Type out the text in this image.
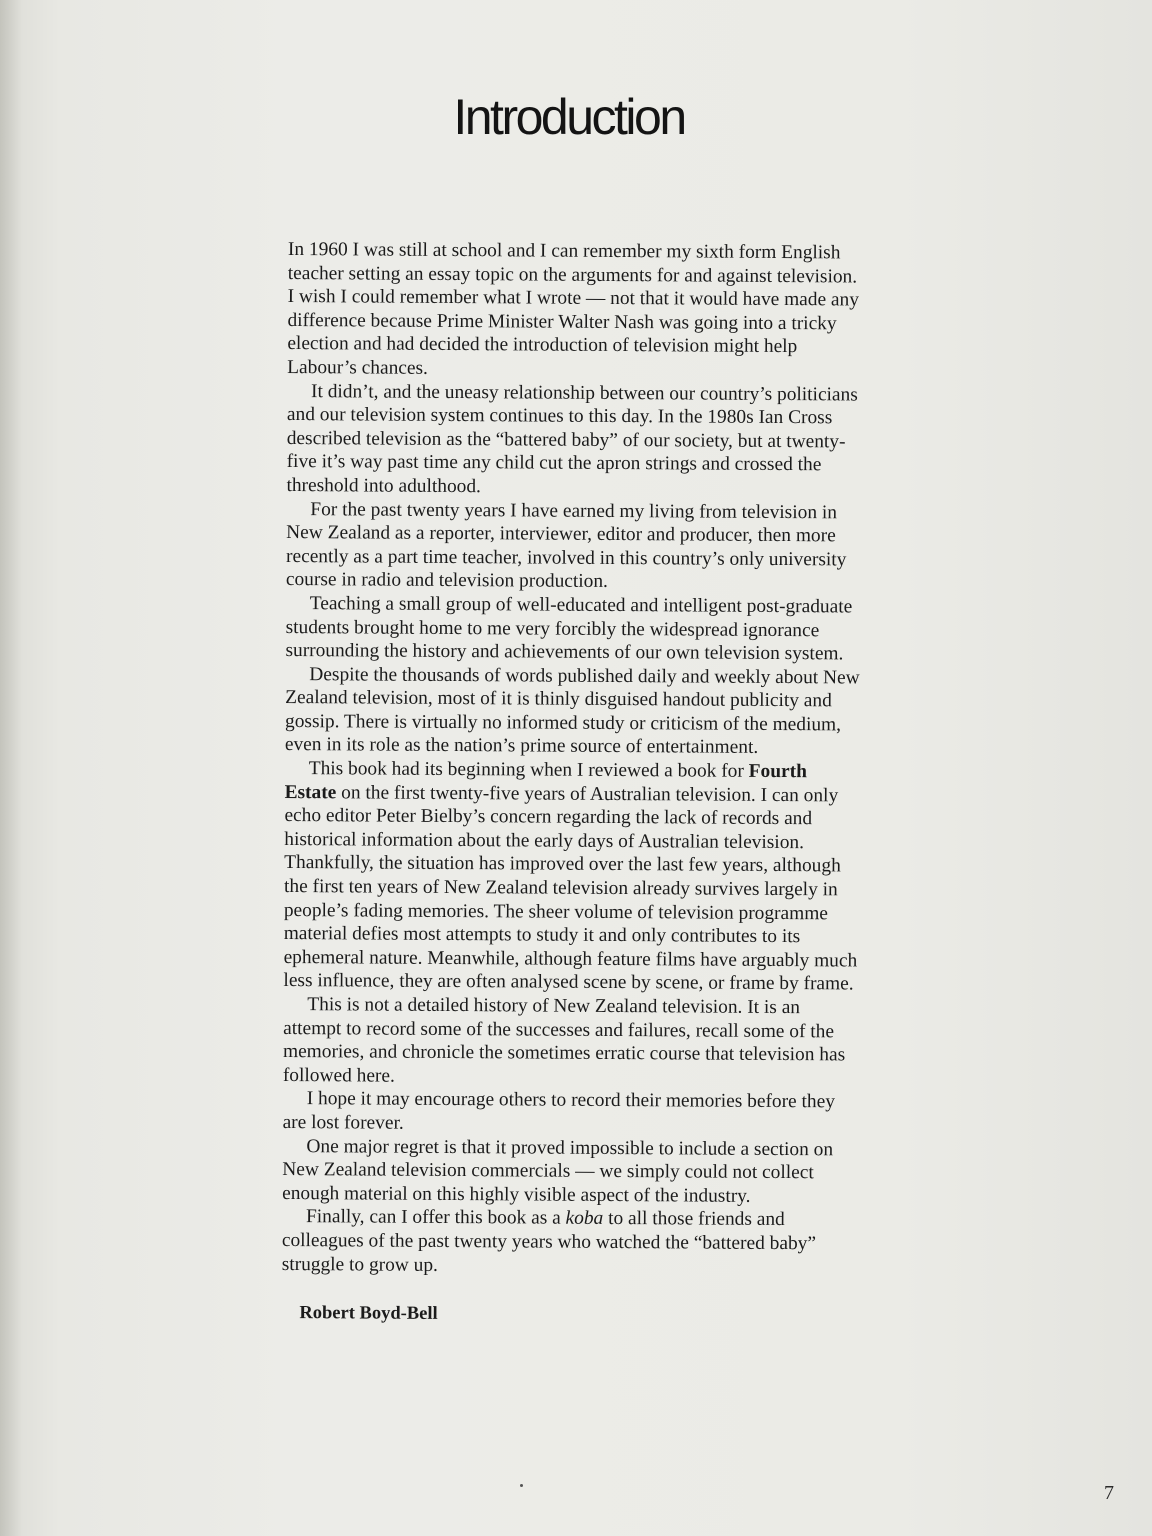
Introduction

In 1960 I was still at school and I can remember my sixth form English teacher setting an essay topic on the arguments for and against television. I wish I could remember what I wrote — not that it would have made any difference because Prime Minister Walter Nash was going into a tricky election and had decided the introduction of television might help Labour’s chances.

It didn’t, and the uneasy relationship between our country’s politicians and our television system continues to this day. In the 1980s Ian Cross described television as the “battered baby” of our society, but at twenty-five it’s way past time any child cut the apron strings and crossed the threshold into adulthood.

For the past twenty years I have earned my living from television in New Zealand as a reporter, interviewer, editor and producer, then more recently as a part time teacher, involved in this country’s only university course in radio and television production.

Teaching a small group of well-educated and intelligent post-graduate students brought home to me very forcibly the widespread ignorance surrounding the history and achievements of our own television system.

Despite the thousands of words published daily and weekly about New Zealand television, most of it is thinly disguised handout publicity and gossip. There is virtually no informed study or criticism of the medium, even in its role as the nation’s prime source of entertainment.

This book had its beginning when I reviewed a book for Fourth Estate on the first twenty-five years of Australian television. I can only echo editor Peter Bielby’s concern regarding the lack of records and historical information about the early days of Australian television. Thankfully, the situation has improved over the last few years, although the first ten years of New Zealand television already survives largely in people’s fading memories. The sheer volume of television programme material defies most attempts to study it and only contributes to its ephemeral nature. Meanwhile, although feature films have arguably much less influence, they are often analysed scene by scene, or frame by frame.

This is not a detailed history of New Zealand television. It is an attempt to record some of the successes and failures, recall some of the memories, and chronicle the sometimes erratic course that television has followed here.

I hope it may encourage others to record their memories before they are lost forever.

One major regret is that it proved impossible to include a section on New Zealand television commercials — we simply could not collect enough material on this highly visible aspect of the industry.

Finally, can I offer this book as a koba to all those friends and colleagues of the past twenty years who watched the “battered baby” struggle to grow up.

Robert Boyd-Bell

7
